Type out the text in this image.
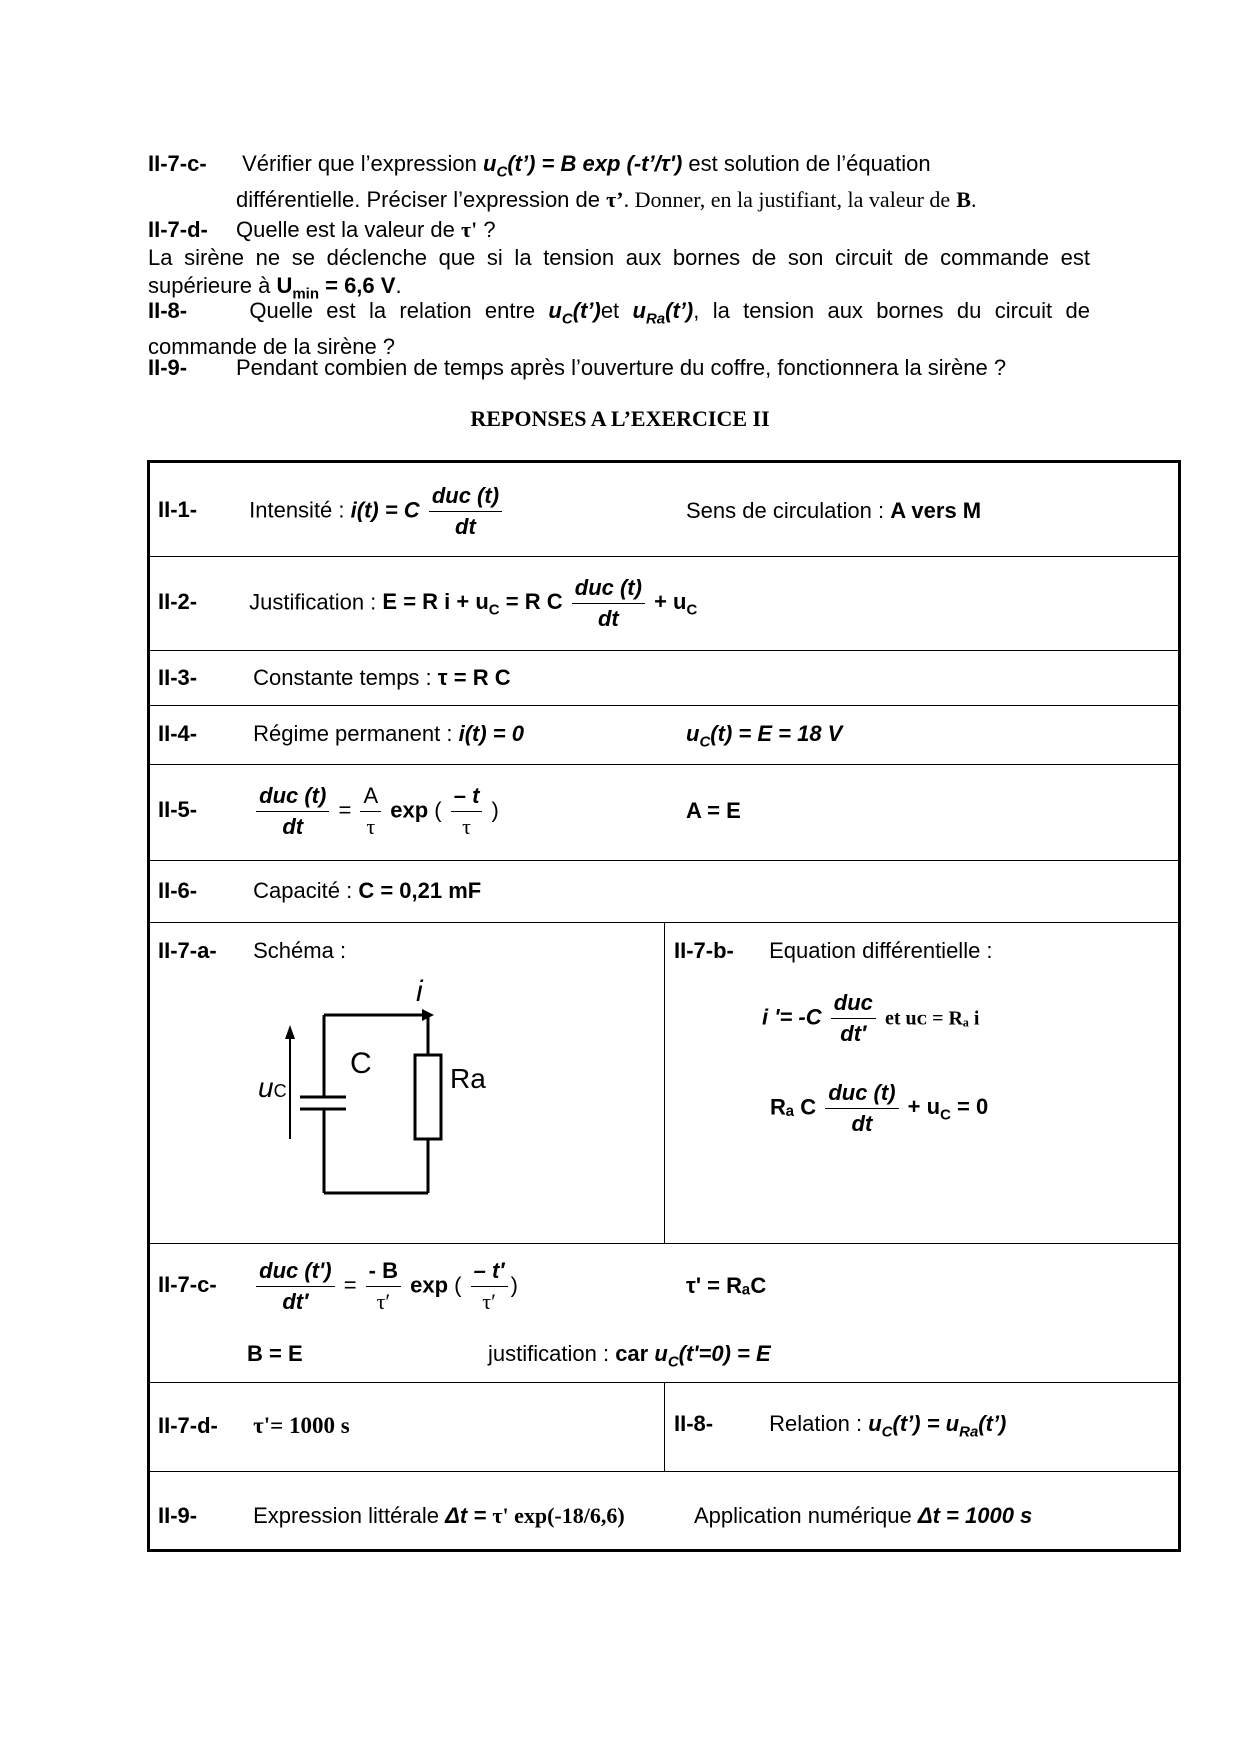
II-7-c- Vérifier que l’expression $u_C(t’) = B$ exp (-t’/τ') est solution de l’équation
différentielle. Préciser l’expression de τ’. Donner, en la justifiant, la valeur de B.
II-7-d- Quelle est la valeur de τ' ?
La sirène ne se déclenche que si la tension aux bornes de son circuit de commande est supérieure à $U_{min} = 6,6$ V.
II-8-	Quelle est la relation entre $u_C(t’)et$ $u_{Ra}(t’)$, la tension aux bornes du circuit de commande de la sirène ?
II-9- Pendant combien de temps après l’ouverture du coffre, fonctionnera la sirène ?
REPONSES A L’EXERCICE II
II-1- Intensité : i(t) = C $\frac{\text{duᴄ (t)}}{dt}$	Sens de circulation : A vers M
II-2- Justification : E = R $i + u_C = R$ C $\frac{\text{duᴄ (t)}}{dt} + u_C$
II-3-	Constante temps : τ = R C
II-4-	Régime permanent : i(t) = 0	$u_C(t) = E = 18$ V
II-5-	$\frac{\text{duᴄ (t)}}{dt} = \frac{A}{\tau}$ exp ( $\frac{- t}{\tau}$ )	A = E
II-6-	Capacité : C = 0,21 mF
II-7-a- Schéma :
i
C	Ra
uC
II-7-b- Equation différentielle :
i '= $-C \frac{\text{duᴄ}}{dt'}$ et uᴄ = Rₐ i
Rₐ C $\frac{\text{duᴄ (t)}}{dt} + u_C = 0$
$II-7-c- \frac{\text{duᴄ (t')}}{dt'} = \frac{- B}{\tau'}$ exp ( $\frac{- t'}{\tau'}$ )	τ' = RₐC
B = E	justification : car $u_C(t'=0) = E$
II-7-d- τ'= 1000 s	II-8-	Relation : $u_C(t’)$ = $u_{Ra}(t’)$
II-9-	Expression littérale Δt = τ' exp(-18/6,6)	Application numérique Δt = 1000 s
